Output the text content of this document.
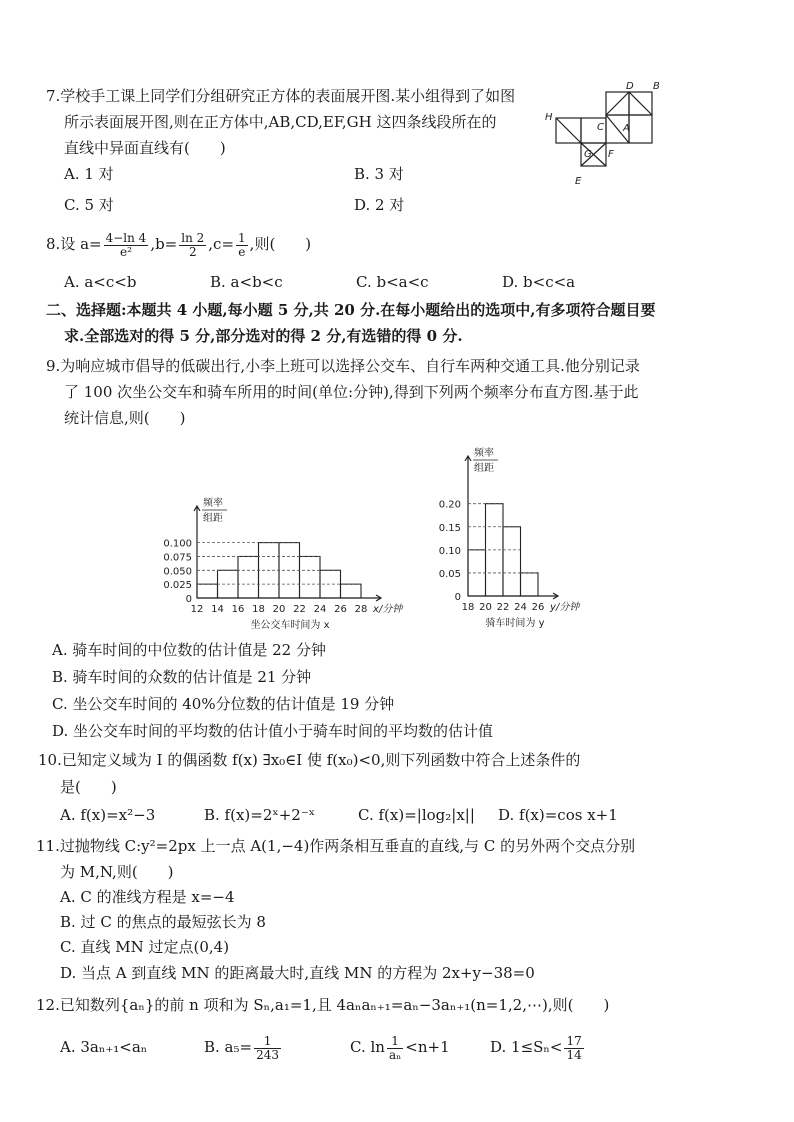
7.学校手工课上同学们分组研究正方体的表面展开图.某小组得到了如图
所示表面展开图,则在正方体中,AB,CD,EF,GH 这四条线段所在的
直线中异面直线有(　　)
A. 1 对	B. 3 对
C. 5 对	D. 2 对
D B
H
C A
G F
E
8.设 $a= \frac{4-\ln 4}{\text{e²}} ,b= \frac{\ln 2}{2} ,c= \frac{1}{e}$ ,则(　　)
A. a<c<b	B. a<b<c	C. b<a<c	D. b<c<a
二、选择题:本题共 4 小题,每小题 5 分,共 20 分.在每小题给出的选项中,有多项符合题目要
求.全部选对的得 5 分,部分选对的得 2 分,有选错的得 0 分.
9.为响应城市倡导的低碳出行,小李上班可以选择公交车、自行车两种交通工具.他分别记录
了 100 次坐公交车和骑车所用的时间(单位:分钟),得到下列两个频率分布直方图.基于此
统计信息,则(　　)
0.100
0.075
0.050
0.025
0
12 14 16 18 20 22 24 26 28 x/分钟
频率
组距
坐公交车时间为 x
0.20
0.15
0.10
0.05
0
18 20 22 24 26 y/分钟
频率
组距
骑车时间为 y
A. 骑车时间的中位数的估计值是 22 分钟
B. 骑车时间的众数的估计值是 21 分钟
C. 坐公交车时间的 40%分位数的估计值是 19 分钟
D. 坐公交车时间的平均数的估计值小于骑车时间的平均数的估计值
10.已知定义域为 I 的偶函数 f(x) ∃x₀∈I 使 f(x₀)<0,则下列函数中符合上述条件的
是(　　)
A. f(x)=x²−3	B. f(x)=2ˣ+2⁻ˣ	C. f(x)=|log₂|x|| D. f(x)=cos x+1
11.过抛物线 C:y²=2px 上一点 A(1,−4)作两条相互垂直的直线,与 C 的另外两个交点分别
为 M,N,则(　　)
A. C 的准线方程是 x=−4
B. 过 C 的焦点的最短弦长为 8
C. 直线 MN 过定点(0,4)
D. 当点 A 到直线 MN 的距离最大时,直线 MN 的方程为 2x+y−38=0
12.已知数列{aₙ}的前 n 项和为 Sₙ,a₁=1,且 4aₙaₙ₊₁=aₙ−3aₙ₊₁(n=1,2,⋯),则(　　)
A. 3aₙ₊₁<aₙ	B. $a_5= \frac{1}{243}$	C. $\ln \frac{1}{\text{aₙ}} <n+1$	D. $1\le S_n< \frac{17}{14}$
